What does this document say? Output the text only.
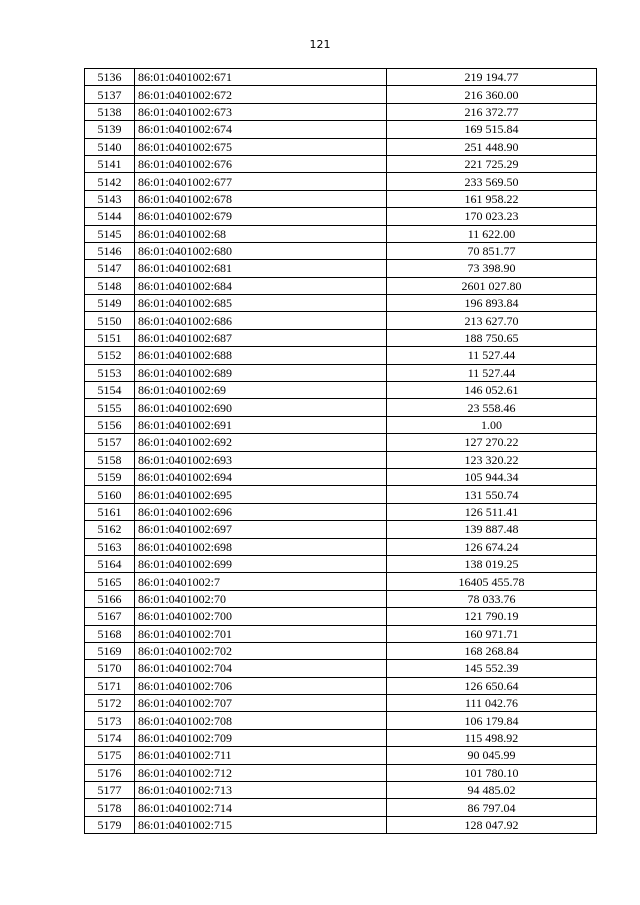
121
5136	86:01:0401002:671	219 194.77
5137	86:01:0401002:672	216 360.00
5138	86:01:0401002:673	216 372.77
5139	86:01:0401002:674	169 515.84
5140	86:01:0401002:675	251 448.90
5141	86:01:0401002:676	221 725.29
5142	86:01:0401002:677	233 569.50
5143	86:01:0401002:678	161 958.22
5144	86:01:0401002:679	170 023.23
5145	86:01:0401002:68	11 622.00
5146	86:01:0401002:680	70 851.77
5147	86:01:0401002:681	73 398.90
5148	86:01:0401002:684	2601 027.80
5149	86:01:0401002:685	196 893.84
5150	86:01:0401002:686	213 627.70
5151	86:01:0401002:687	188 750.65
5152	86:01:0401002:688	11 527.44
5153	86:01:0401002:689	11 527.44
5154	86:01:0401002:69	146 052.61
5155	86:01:0401002:690	23 558.46
5156	86:01:0401002:691	1.00
5157	86:01:0401002:692	127 270.22
5158	86:01:0401002:693	123 320.22
5159	86:01:0401002:694	105 944.34
5160	86:01:0401002:695	131 550.74
5161	86:01:0401002:696	126 511.41
5162	86:01:0401002:697	139 887.48
5163	86:01:0401002:698	126 674.24
5164	86:01:0401002:699	138 019.25
5165	86:01:0401002:7	16405 455.78
5166	86:01:0401002:70	78 033.76
5167	86:01:0401002:700	121 790.19
5168	86:01:0401002:701	160 971.71
5169	86:01:0401002:702	168 268.84
5170	86:01:0401002:704	145 552.39
5171	86:01:0401002:706	126 650.64
5172	86:01:0401002:707	111 042.76
5173	86:01:0401002:708	106 179.84
5174	86:01:0401002:709	115 498.92
5175	86:01:0401002:711	90 045.99
5176	86:01:0401002:712	101 780.10
5177	86:01:0401002:713	94 485.02
5178	86:01:0401002:714	86 797.04
5179	86:01:0401002:715	128 047.92
